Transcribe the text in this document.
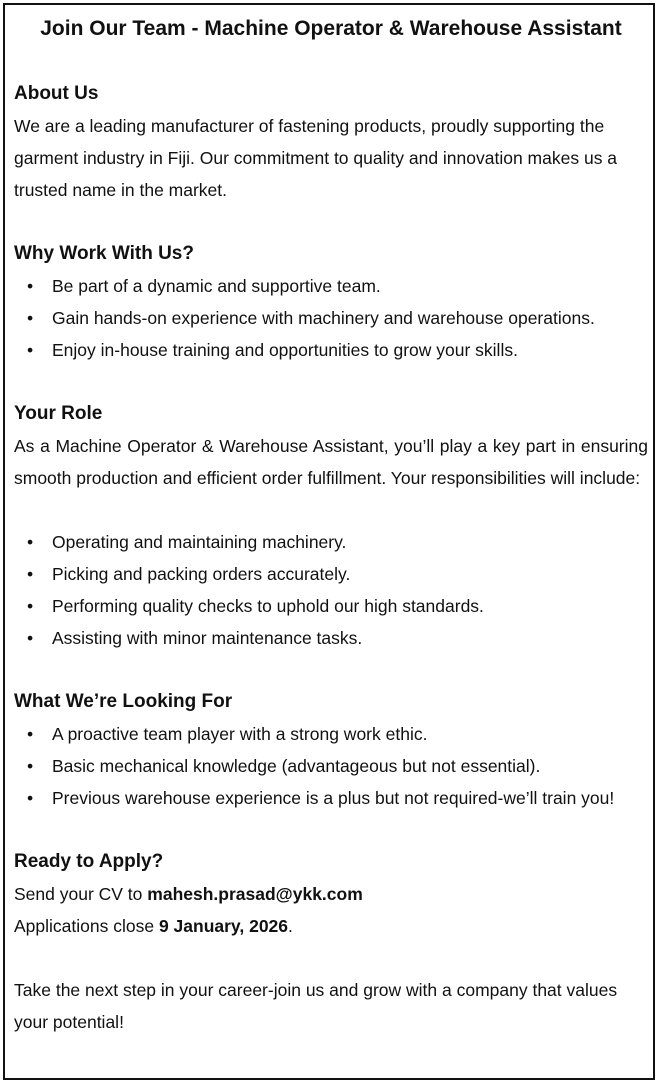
Join Our Team - Machine Operator & Warehouse Assistant
About Us

We are a leading manufacturer of fastening products, proudly supporting the garment industry in Fiji. Our commitment to quality and innovation makes us a trusted name in the market.

Why Work With Us?
• Be part of a dynamic and supportive team.
• Gain hands-on experience with machinery and warehouse operations.
• Enjoy in-house training and opportunities to grow your skills.
Your Role

As a Machine Operator & Warehouse Assistant, you’ll play a key part in ensuring smooth production and efficient order fulfillment. Your responsibilities will include:

• Operating and maintaining machinery.
• Picking and packing orders accurately.
• Performing quality checks to uphold our high standards.
• Assisting with minor maintenance tasks.
What We’re Looking For
• A proactive team player with a strong work ethic.
• Basic mechanical knowledge (advantageous but not essential).
• Previous warehouse experience is a plus but not required-we’ll train you!
Ready to Apply?

Send your CV to mahesh.prasad@ykk.com

Applications close 9 January, 2026.

Take the next step in your career-join us and grow with a company that values your potential!
